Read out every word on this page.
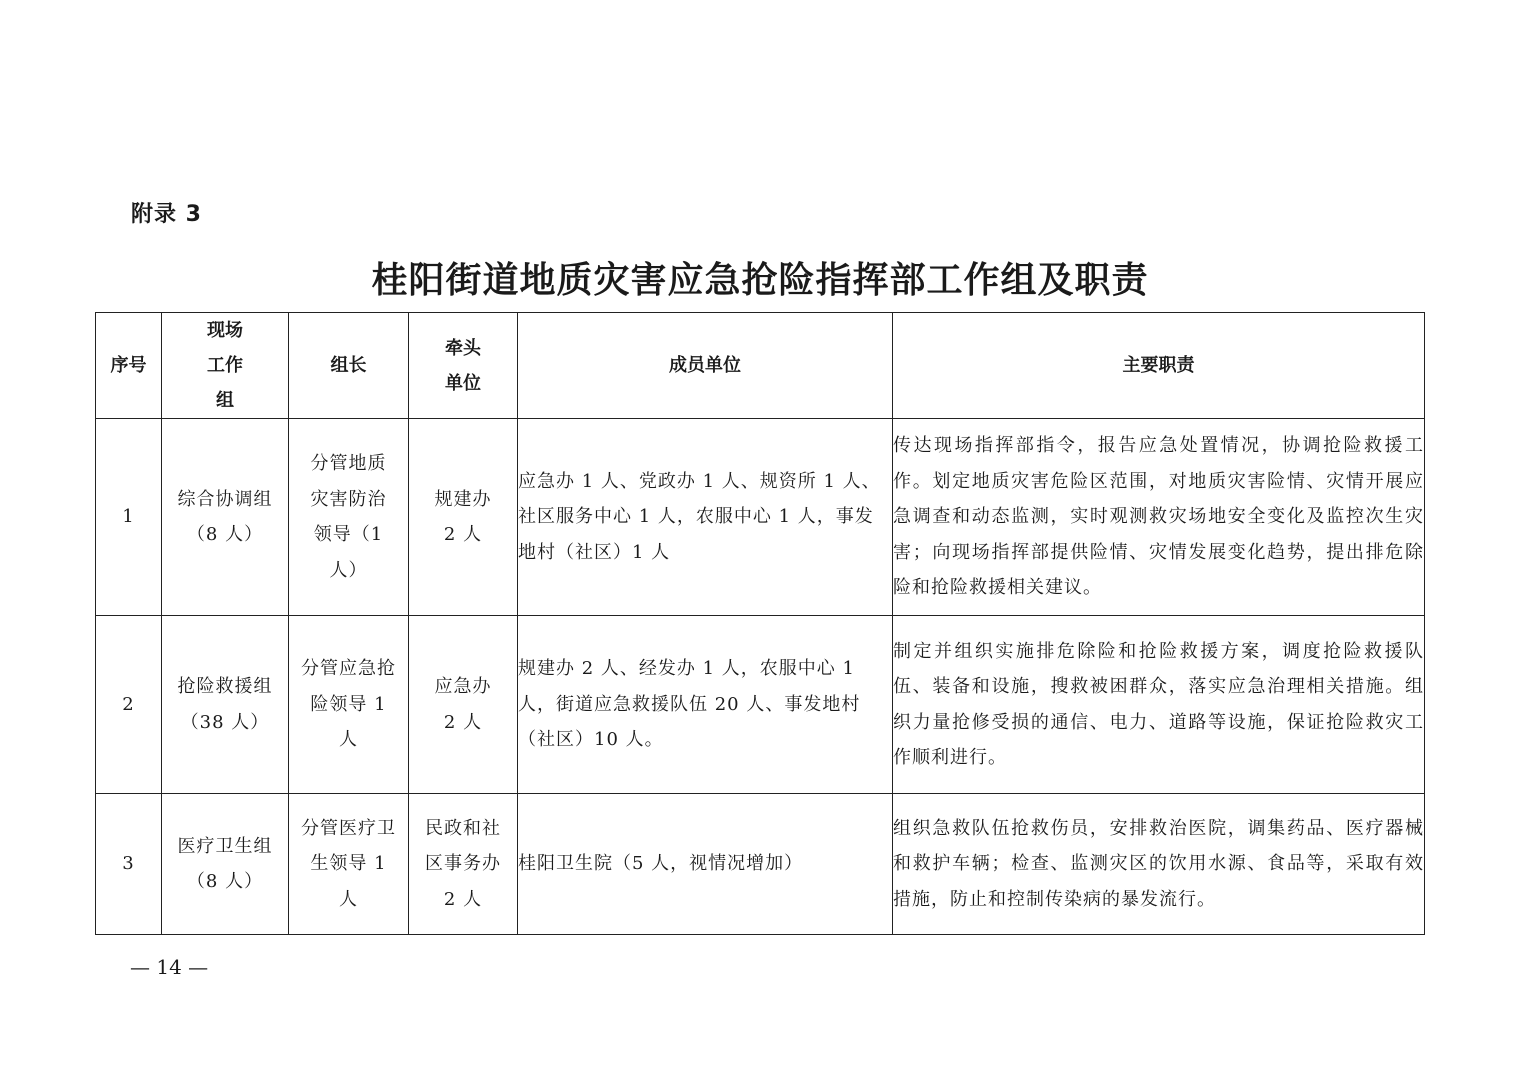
附录 3
桂阳街道地质灾害应急抢险指挥部工作组及职责
序号	现场工作组	组长	牵头单位	成员单位	主要职责
1	综合协调组（8 人）	分管地质灾害防治领导（1 人）	规建办 2 人	应急办 1 人、党政办 1 人、规资所 1 人、社区服务中心 1 人，农服中心 1 人，事发地村（社区）1 人	传达现场指挥部指令，报告应急处置情况，协调抢险救援工作。划定地质灾害危险区范围，对地质灾害险情、灾情开展应急调查和动态监测，实时观测救灾场地安全变化及监控次生灾害；向现场指挥部提供险情、灾情发展变化趋势，提出排危除险和抢险救援相关建议。
2	抢险救援组（38 人）	分管应急抢险领导 1 人	应急办 2 人	规建办 2 人、经发办 1 人，农服中心 1 人，街道应急救援队伍 20 人、事发地村（社区）10 人。	制定并组织实施排危除险和抢险救援方案，调度抢险救援队伍、装备和设施，搜救被困群众，落实应急治理相关措施。组织力量抢修受损的通信、电力、道路等设施，保证抢险救灾工作顺利进行。
3	医疗卫生组（8 人）	分管医疗卫生领导 1 人	民政和社区事务办 2 人	桂阳卫生院（5 人，视情况增加）	组织急救队伍抢救伤员，安排救治医院，调集药品、医疗器械和救护车辆；检查、监测灾区的饮用水源、食品等，采取有效措施，防止和控制传染病的暴发流行。
— 14 —
